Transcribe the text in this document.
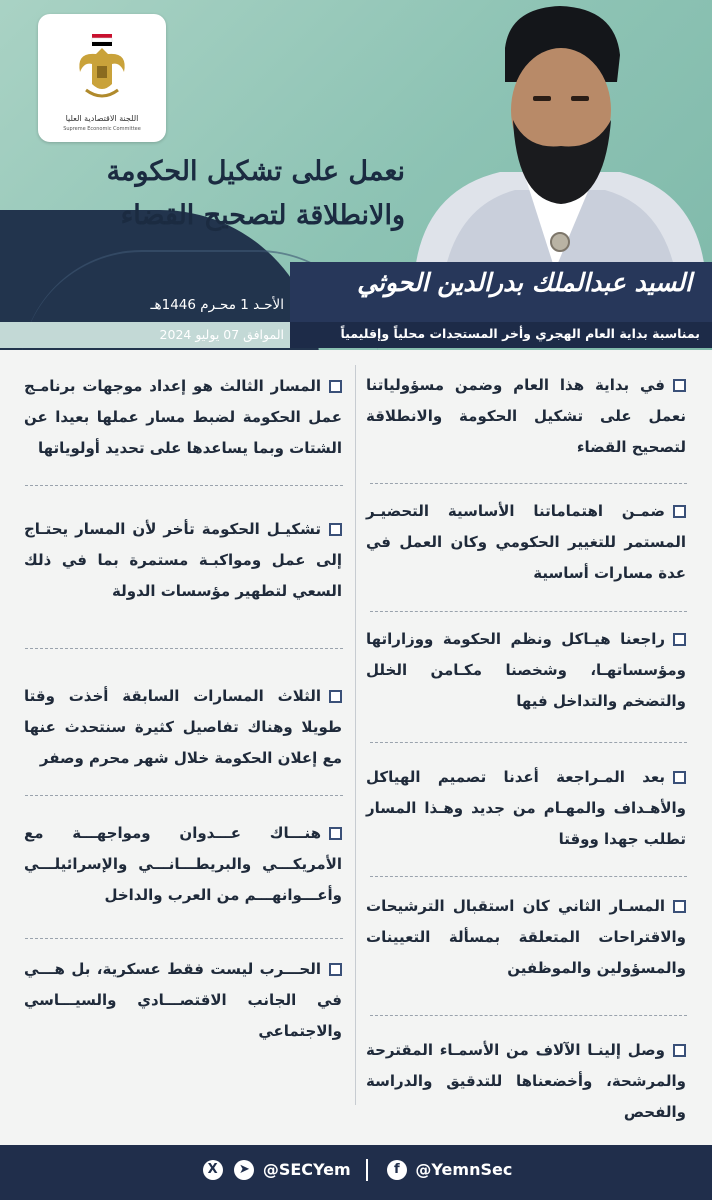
اللجنة الاقتصادية العليا
Supreme Economic Committee
نعمل على تشكيل الحكومة
والانطلاقة لتصحيح القضاء
السيد عبدالملك بدرالدين الحوثي
بمناسبة بداية العام الهجري وأخر المستجدات محلياً وإقليمياً
الأحـد 1 محـرم 1446هـ
الموافق 07 يوليو 2024
في بداية هذا العام وضمن مسؤولياتنا نعمل على تشكيل الحكومة والانطلاقة لتصحيح القضاء
ضمـن اهتماماتنا الأساسية التحضيـر المستمر للتغيير الحكومي وكان العمل في عدة مسارات أساسية
راجعنا هيـاكل ونظم الحكومة ووزاراتها ومؤسساتهـا، وشخصنا مكـامن الخلل والتضخم والتداخل فيها
بعد المـراجعة أعدنا تصميم الهياكل والأهـداف والمهـام من جديد وهـذا المسار تطلب جهدا ووقتا
المسـار الثاني كان استقبال الترشيحات والاقتراحات المتعلقة بمسألة التعيينات والمسؤولين والموظفين
وصل إلينـا الآلاف من الأسمـاء المقترحة والمرشحة، وأخضعناها للتدقيق والدراسة والفحص
المسار الثالث هو إعداد موجهات برنامـج عمل الحكومة لضبط مسار عملها بعيدا عن الشتات وبما يساعدها على تحديد أولوياتها
تشكيـل الحكومة تأخر لأن المسار يحتـاج إلى عمل ومواكبـة مستمرة بما في ذلك السعي لتطهير مؤسسات الدولة
الثلاث المسارات السابقة أخذت وقتا طويلا وهناك تفاصيل كثيرة سنتحدث عنها مع إعلان الحكومة خلال شهر محرم وصفر
هنـــاك عـــدوان ومواجهـــة مع الأمريكـــي والبريطـــانـــي والإسرائيلـــي وأعـــوانهـــم من العرب والداخل
الحـــرب ليست فقط عسكرية، بل هـــي في الجانب الاقتصـــادي والسيـــاسي والاجتماعي
X ➤ @SECYem	f @YemnSec
